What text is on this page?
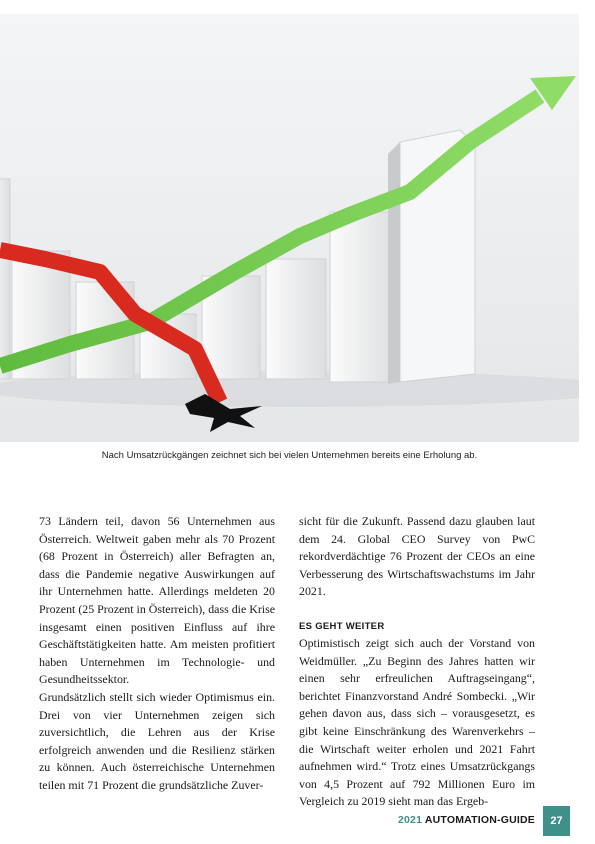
Nach Umsatzrückgängen zeichnet sich bei vielen Unternehmen bereits eine Erholung ab.

73 Ländern teil, davon 56 Unternehmen aus Österreich. Weltweit gaben mehr als 70 Prozent (68 Prozent in Österreich) aller Befragten an, dass die Pandemie negative Auswirkungen auf ihr Unternehmen hatte. Allerdings meldeten 20 Prozent (25 Prozent in Österreich), dass die Krise insgesamt einen positiven Einfluss auf ihre Geschäftstätigkeiten hatte. Am meisten profitiert haben Unternehmen im Technologie- und Gesundheitssektor.

Grundsätzlich stellt sich wieder Optimismus ein. Drei von vier Unternehmen zeigen sich zuversichtlich, die Lehren aus der Krise erfolgreich anwenden und die Resilienz stärken zu können. Auch österreichische Unternehmen teilen mit 71 Prozent die grundsätzliche Zuver-

sicht für die Zukunft. Passend dazu glauben laut dem 24. Global CEO Survey von PwC rekordverdächtige 76 Prozent der CEOs an eine Verbesserung des Wirtschaftswachstums im Jahr 2021.

ES GEHT WEITER

Optimistisch zeigt sich auch der Vorstand von Weidmüller. „Zu Beginn des Jahres hatten wir einen sehr erfreulichen Auftragseingang“, berichtet Finanzvorstand André Sombecki. „Wir gehen davon aus, dass sich – vorausgesetzt, es gibt keine Einschränkung des Warenverkehrs – die Wirtschaft weiter erholen und 2021 Fahrt aufnehmen wird.“ Trotz eines Umsatzrückgangs von 4,5 Prozent auf 792 Millionen Euro im Vergleich zu 2019 sieht man das Ergeb-

2021 AUTOMATION-GUIDE	27
